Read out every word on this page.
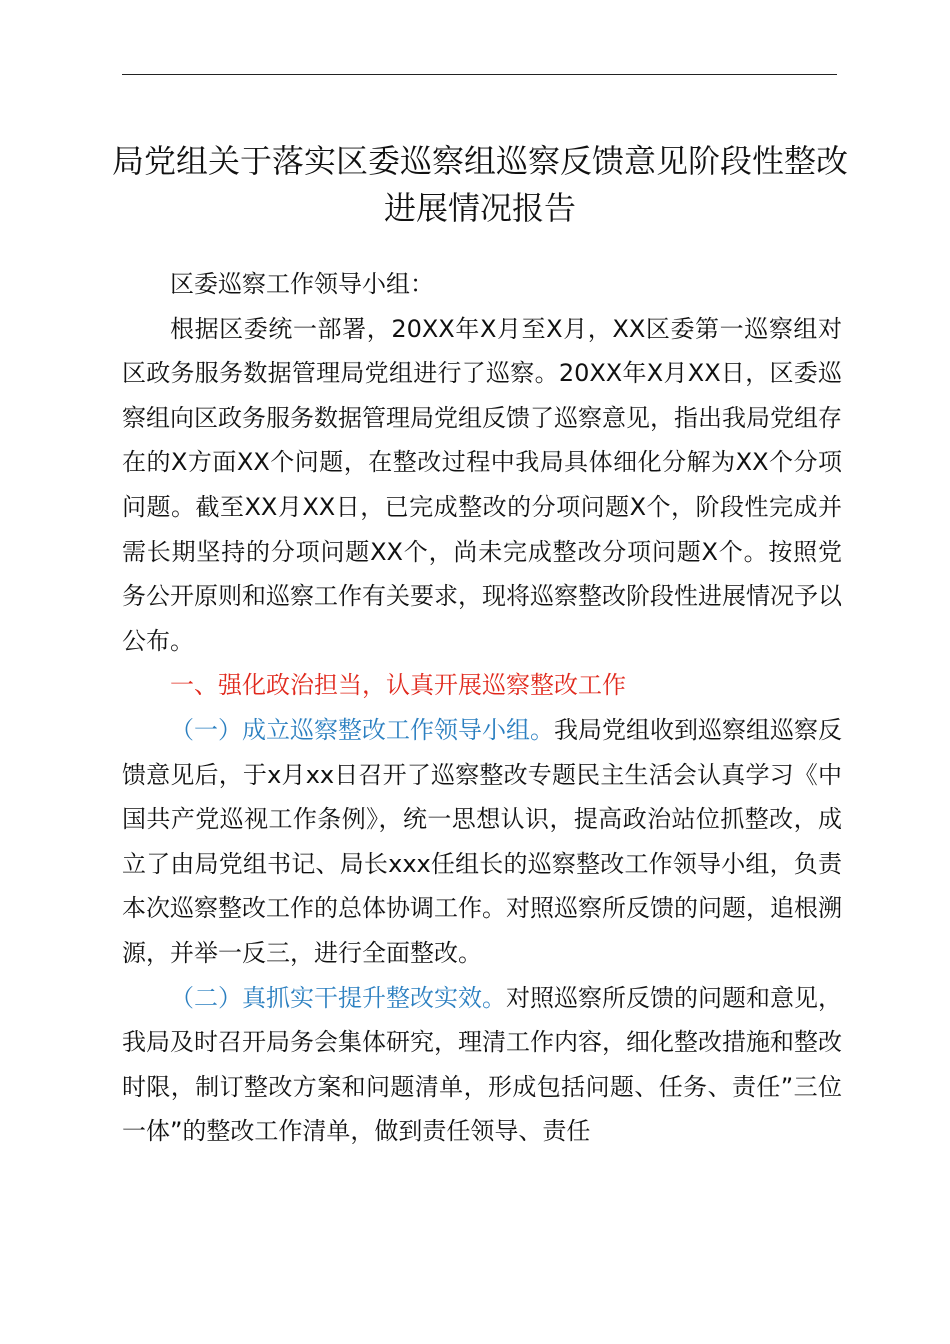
局党组关于落实区委巡察组巡察反馈意见阶段性整改进展情况报告

区委巡察工作领导小组：

根据区委统一部署，20XX年X月至X月，XX区委第一巡察组对区政务服务数据管理局党组进行了巡察。20XX年X月XX日，区委巡察组向区政务服务数据管理局党组反馈了巡察意见，指出我局党组存在的X方面XX个问题，在整改过程中我局具体细化分解为XX个分项问题。截至XX月XX日，已完成整改的分项问题X个，阶段性完成并需长期坚持的分项问题XX个，尚未完成整改分项问题X个。按照党务公开原则和巡察工作有关要求，现将巡察整改阶段性进展情况予以公布。

一、强化政治担当，认真开展巡察整改工作

（一）成立巡察整改工作领导小组。我局党组收到巡察组巡察反馈意见后，于x月xx日召开了巡察整改专题民主生活会认真学习《中国共产党巡视工作条例》，统一思想认识，提高政治站位抓整改，成立了由局党组书记、局长xxx任组长的巡察整改工作领导小组，负责本次巡察整改工作的总体协调工作。对照巡察所反馈的问题，追根溯源，并举一反三，进行全面整改。

（二）真抓实干提升整改实效。对照巡察所反馈的问题和意见，我局及时召开局务会集体研究，理清工作内容，细化整改措施和整改时限，制订整改方案和问题清单，形成包括问题、任务、责任”三位一体”的整改工作清单，做到责任领导、责任
